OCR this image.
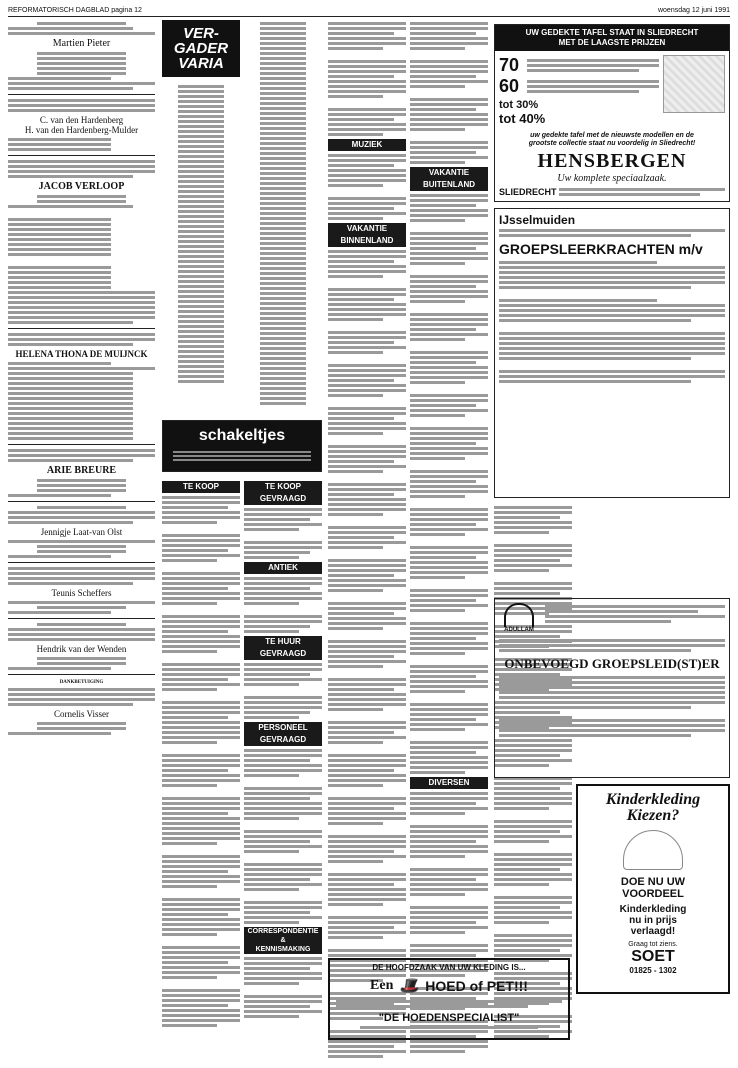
REFORMATORISCH DAGBLAD pagina 12	woensdag 12 juni 1991
Martien Pieter
C. van den Hardenberg
H. van den Hardenberg-Mulder
JACOB VERLOOP
HELENA THONA DE MUIJNCK
ARIE BREURE
Jennigje Laat-van Olst
Teunis Scheffers
Hendrik van der Wenden
DANKBETUIGING
Cornelis Visser
VER-
GADER
VARIA
schakeltjes
TE KOOP	TE KOOP
GEVRAAGD
ANTIEK
TE HUUR
GEVRAAGD
PERSONEEL
GEVRAAGD
CORRESPONDENTIE
&
KENNISMAKING
MUZIEK
VAKANTIE
BINNENLAND
VAKANTIE
BUITENLAND
DIVERSEN
UW GEDEKTE TAFEL STAAT IN SLIEDRECHT
MET DE LAAGSTE PRIJZEN
70
60
tot 30%
tot 40%
uw gedekte tafel met de nieuwste modellen en de
grootste collectie staat nu voordelig in Sliedrecht!
HENSBERGEN
Uw komplete speciaalzaak.
SLIEDRECHT
IJsselmuiden
GROEPSLEERKRACHTEN m/v
ADULLAM
ONBEVOEGD GROEPSLEID(ST)ER
Kinderkleding Kiezen?
DOE NU UW
VOORDEEL
Kinderkleding
nu in prijs
verlaagd!
Graag tot ziens.
SOET
01825 - 1302
DE HOOFDZAAK VAN UW KLEDING IS...
Een 🎩 HOED of PET!!!
"DE HOEDENSPECIALIST"
